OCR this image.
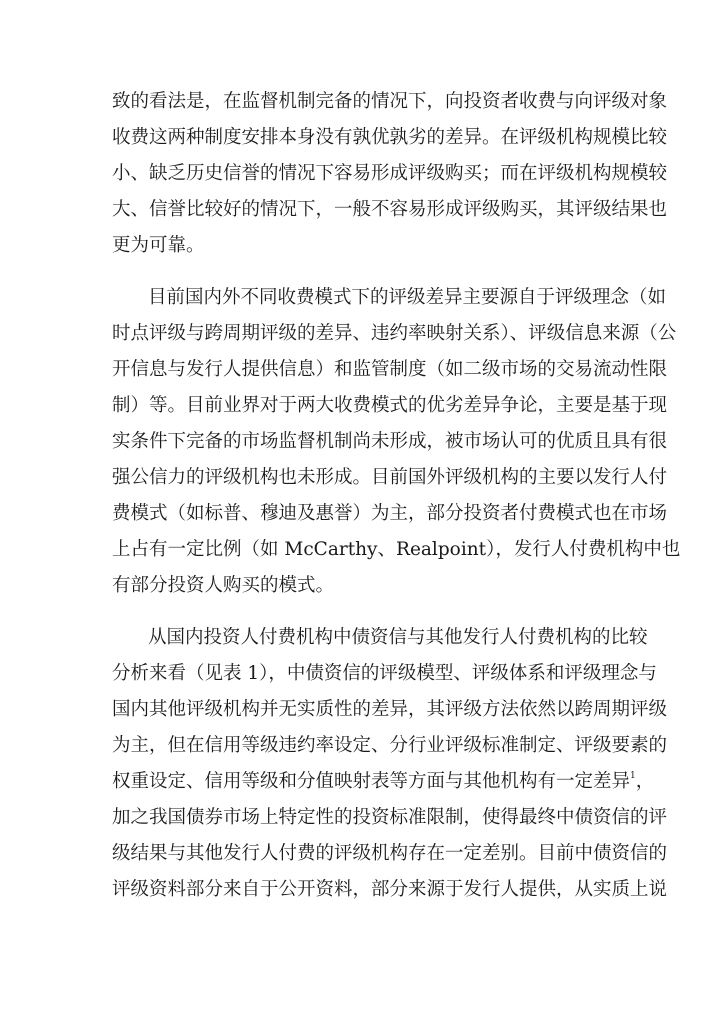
致的看法是，在监督机制完备的情况下，向投资者收费与向评级对象
收费这两种制度安排本身没有孰优孰劣的差异。在评级机构规模比较
小、缺乏历史信誉的情况下容易形成评级购买；而在评级机构规模较
大、信誉比较好的情况下，一般不容易形成评级购买，其评级结果也
更为可靠。
目前国内外不同收费模式下的评级差异主要源自于评级理念（如
时点评级与跨周期评级的差异、违约率映射关系）、评级信息来源（公
开信息与发行人提供信息）和监管制度（如二级市场的交易流动性限
制）等。目前业界对于两大收费模式的优劣差异争论，主要是基于现
实条件下完备的市场监督机制尚未形成，被市场认可的优质且具有很
强公信力的评级机构也未形成。目前国外评级机构的主要以发行人付
费模式（如标普、穆迪及惠誉）为主，部分投资者付费模式也在市场
上占有一定比例（如 McCarthy、Realpoint），发行人付费机构中也
有部分投资人购买的模式。
从国内投资人付费机构中债资信与其他发行人付费机构的比较
分析来看（见表 1），中债资信的评级模型、评级体系和评级理念与
国内其他评级机构并无实质性的差异，其评级方法依然以跨周期评级
为主，但在信用等级违约率设定、分行业评级标准制定、评级要素的
权重设定、信用等级和分值映射表等方面与其他机构有一定差异$^1$，
加之我国债券市场上特定性的投资标准限制，使得最终中债资信的评
级结果与其他发行人付费的评级机构存在一定差别。目前中债资信的
评级资料部分来自于公开资料，部分来源于发行人提供，从实质上说
